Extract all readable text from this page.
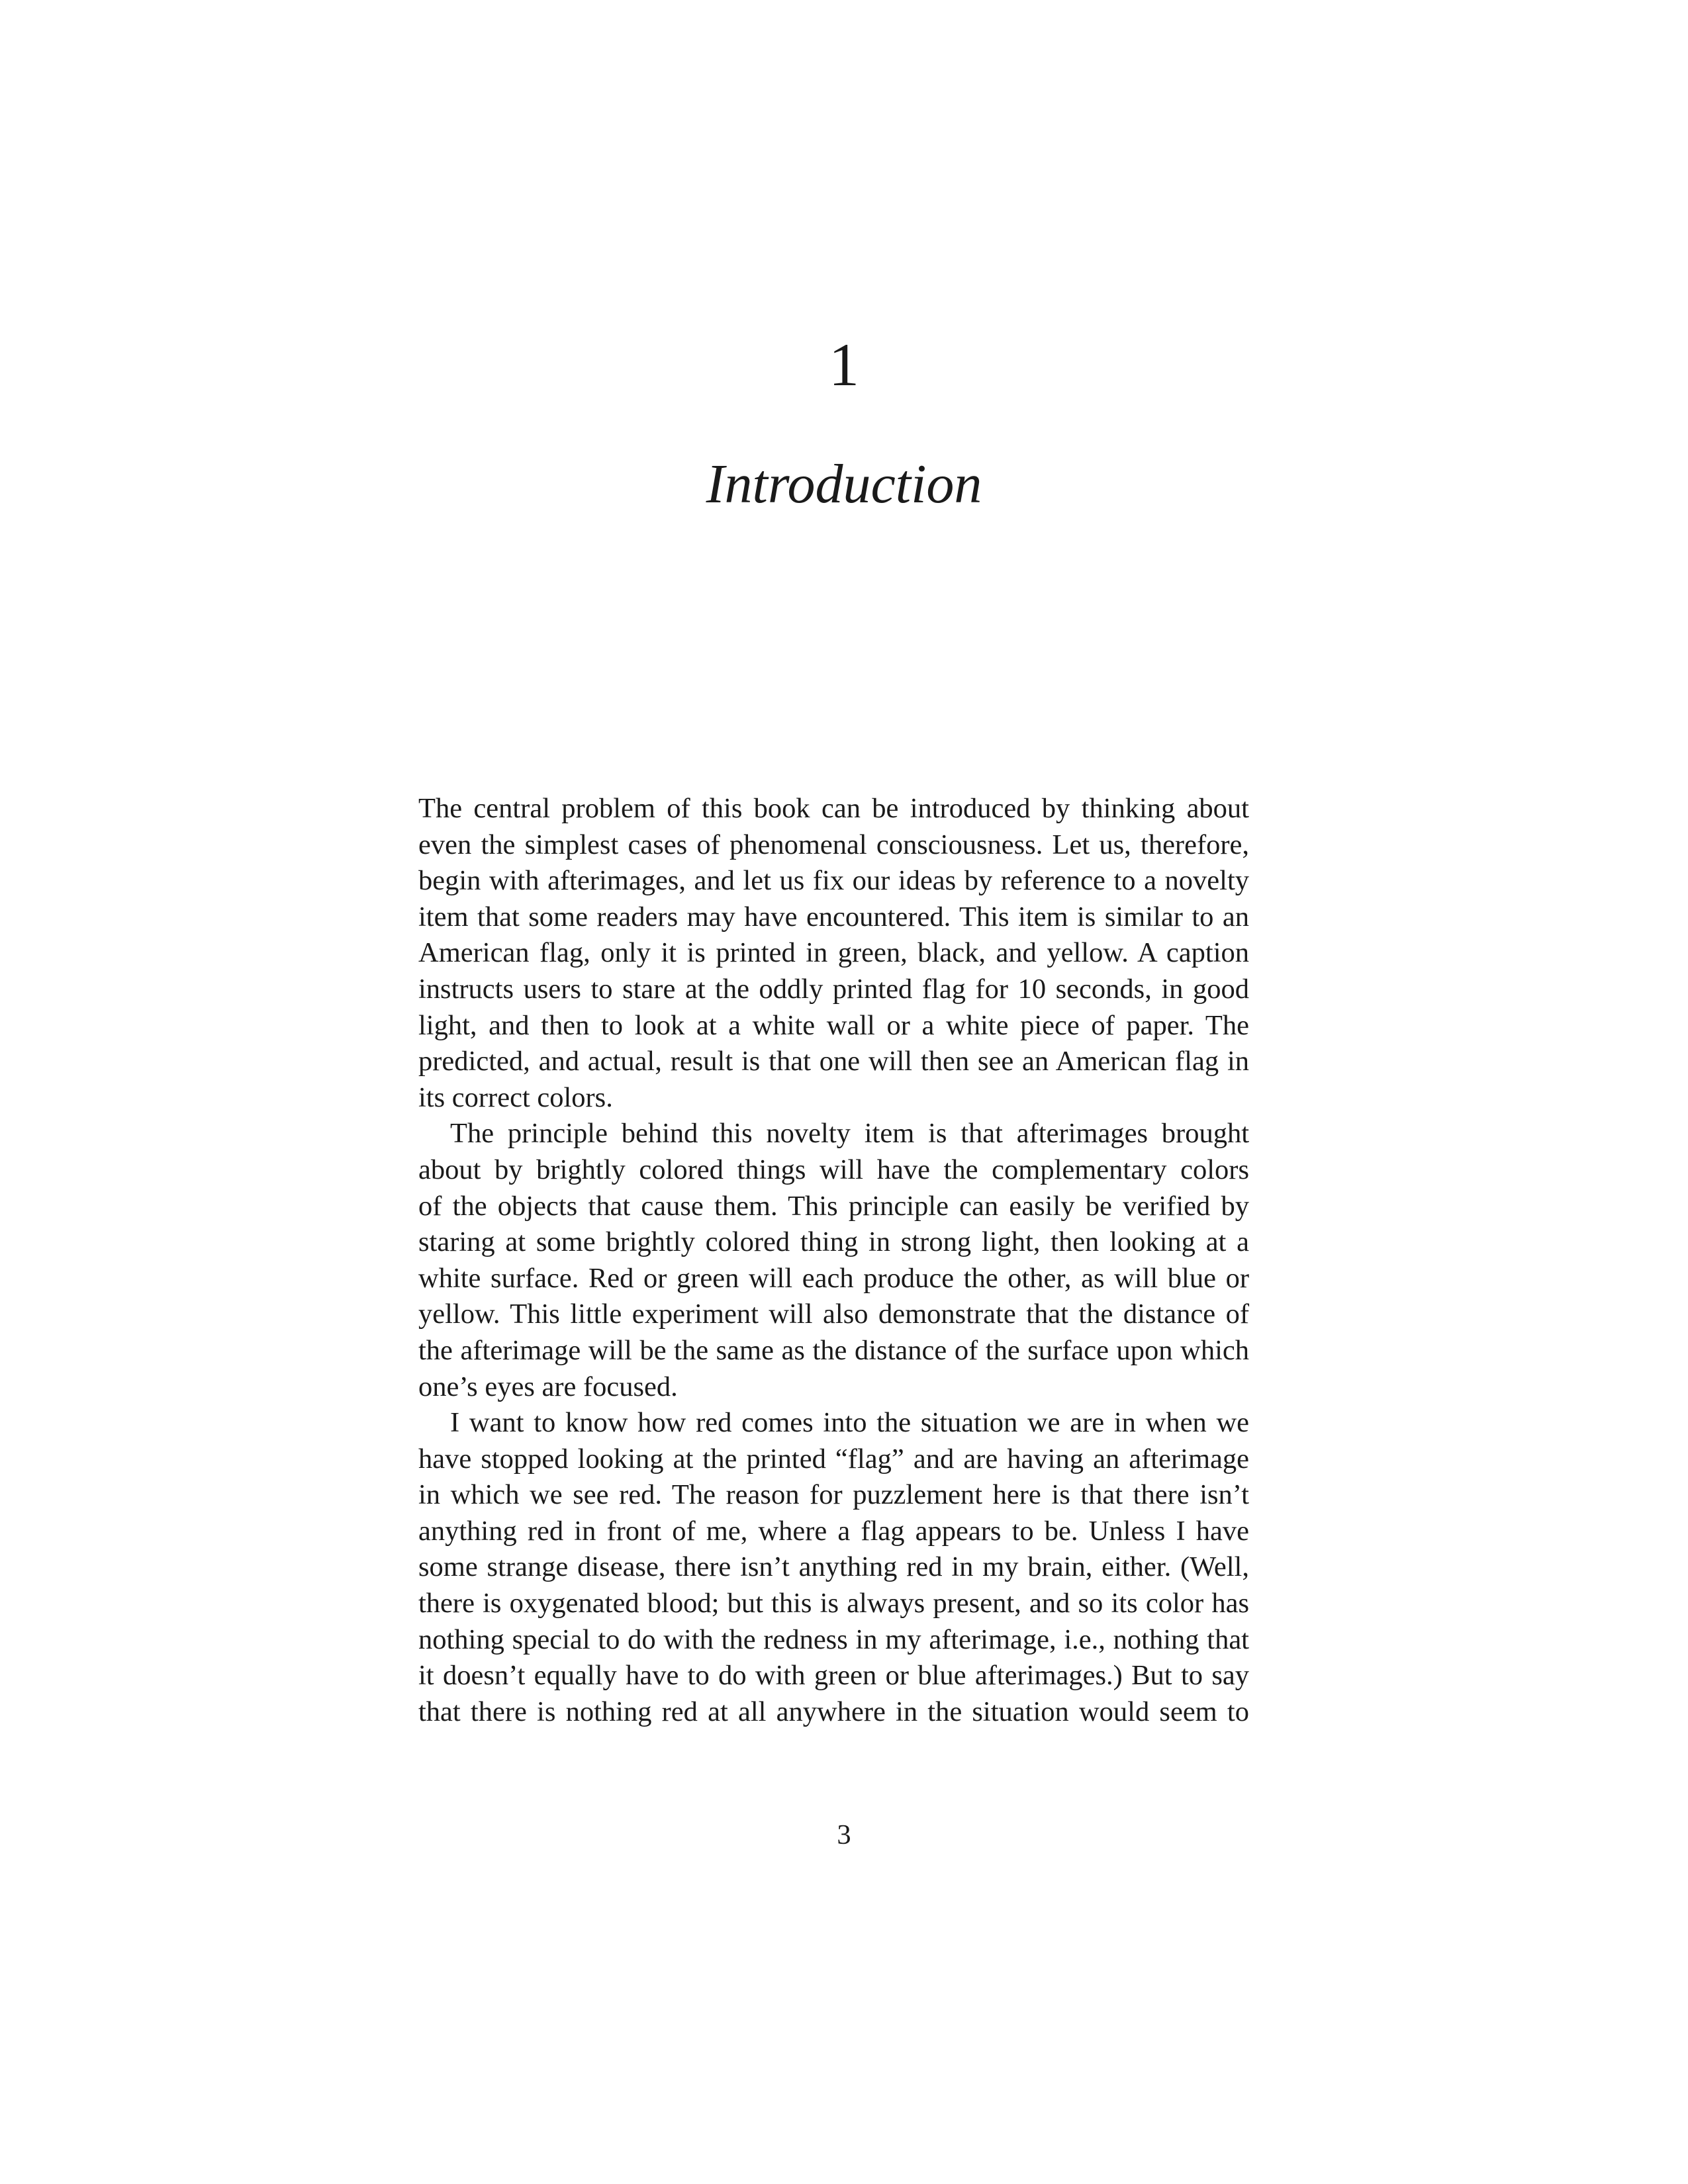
1
Introduction
The central problem of this book can be introduced by thinking about
even the simplest cases of phenomenal consciousness. Let us, therefore,
begin with afterimages, and let us fix our ideas by reference to a novelty
item that some readers may have encountered. This item is similar to an
American flag, only it is printed in green, black, and yellow. A caption
instructs users to stare at the oddly printed flag for 10 seconds, in good
light, and then to look at a white wall or a white piece of paper. The
predicted, and actual, result is that one will then see an American flag in
its correct colors.
The principle behind this novelty item is that afterimages brought
about by brightly colored things will have the complementary colors
of the objects that cause them. This principle can easily be verified by
staring at some brightly colored thing in strong light, then looking at a
white surface. Red or green will each produce the other, as will blue or
yellow. This little experiment will also demonstrate that the distance of
the afterimage will be the same as the distance of the surface upon which
one’s eyes are focused.
I want to know how red comes into the situation we are in when we
have stopped looking at the printed “flag” and are having an afterimage
in which we see red. The reason for puzzlement here is that there isn’t
anything red in front of me, where a flag appears to be. Unless I have
some strange disease, there isn’t anything red in my brain, either. (Well,
there is oxygenated blood; but this is always present, and so its color has
nothing special to do with the redness in my afterimage, i.e., nothing that
it doesn’t equally have to do with green or blue afterimages.) But to say
that there is nothing red at all anywhere in the situation would seem to
3
